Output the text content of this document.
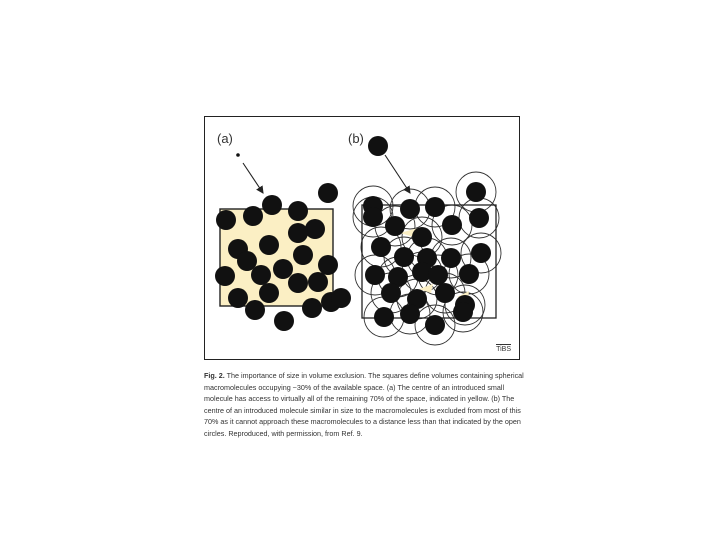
(a)	(b)
TiBS

Fig. 2. The importance of size in volume exclusion. The squares define volumes containing spherical macromolecules occupying ~30% of the available space. (a) The centre of an introduced small molecule has access to virtually all of the remaining 70% of the space, indicated in yellow. (b) The centre of an introduced molecule similar in size to the macromolecules is excluded from most of this 70% as it cannot approach these macromolecules to a distance less than that indicated by the open circles. Reproduced, with permission, from Ref. 9.
